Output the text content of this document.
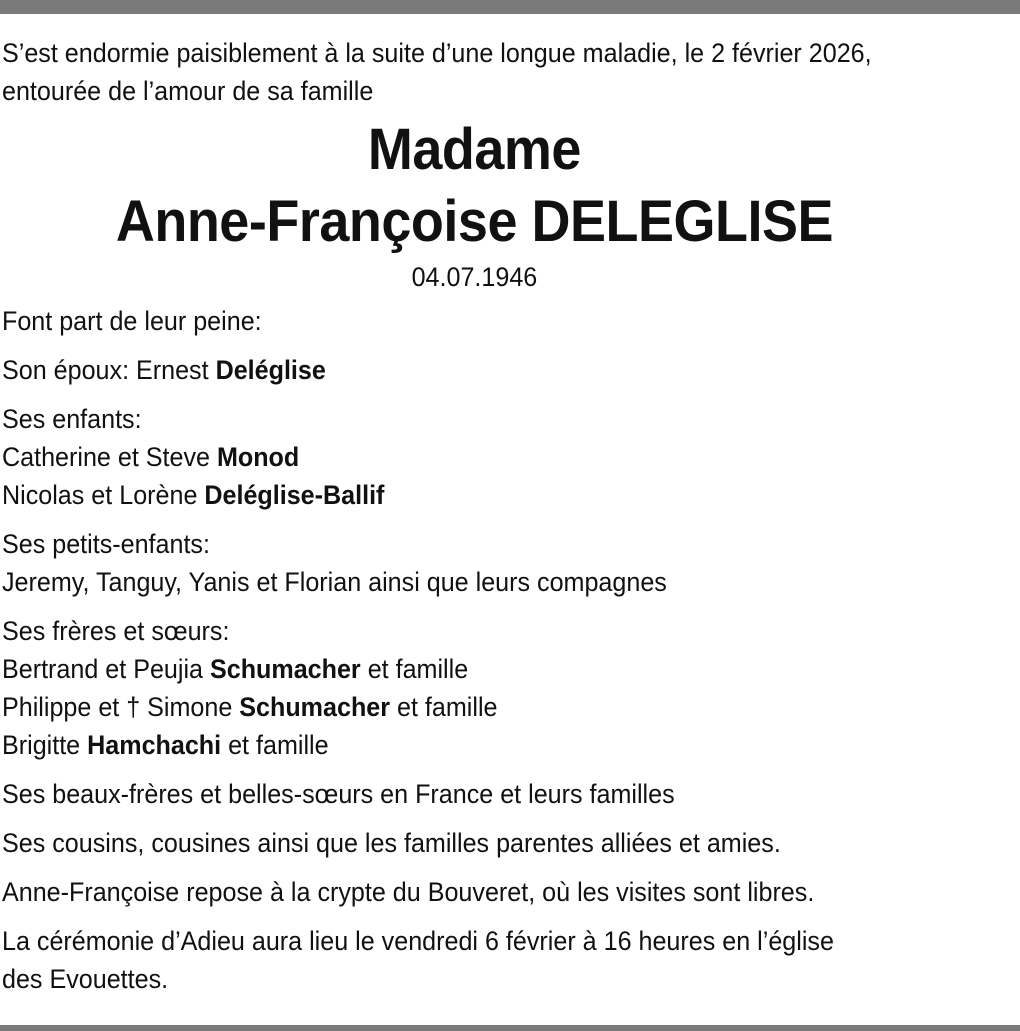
S’est endormie paisiblement à la suite d’une longue maladie, le 2 février 2026,
entourée de l’amour de sa famille
Madame
Anne-Françoise DELEGLISE
04.07.1946
Font part de leur peine:
Son époux: Ernest Deléglise
Ses enfants:
Catherine et Steve Monod
Nicolas et Lorène Deléglise-Ballif
Ses petits-enfants:
Jeremy, Tanguy, Yanis et Florian ainsi que leurs compagnes
Ses frères et sœurs:
Bertrand et Peujia Schumacher et famille
Philippe et † Simone Schumacher et famille
Brigitte Hamchachi et famille
Ses beaux-frères et belles-sœurs en France et leurs familles
Ses cousins, cousines ainsi que les familles parentes alliées et amies.
Anne-Françoise repose à la crypte du Bouveret, où les visites sont libres.
La cérémonie d’Adieu aura lieu le vendredi 6 février à 16 heures en l’église
des Evouettes.
